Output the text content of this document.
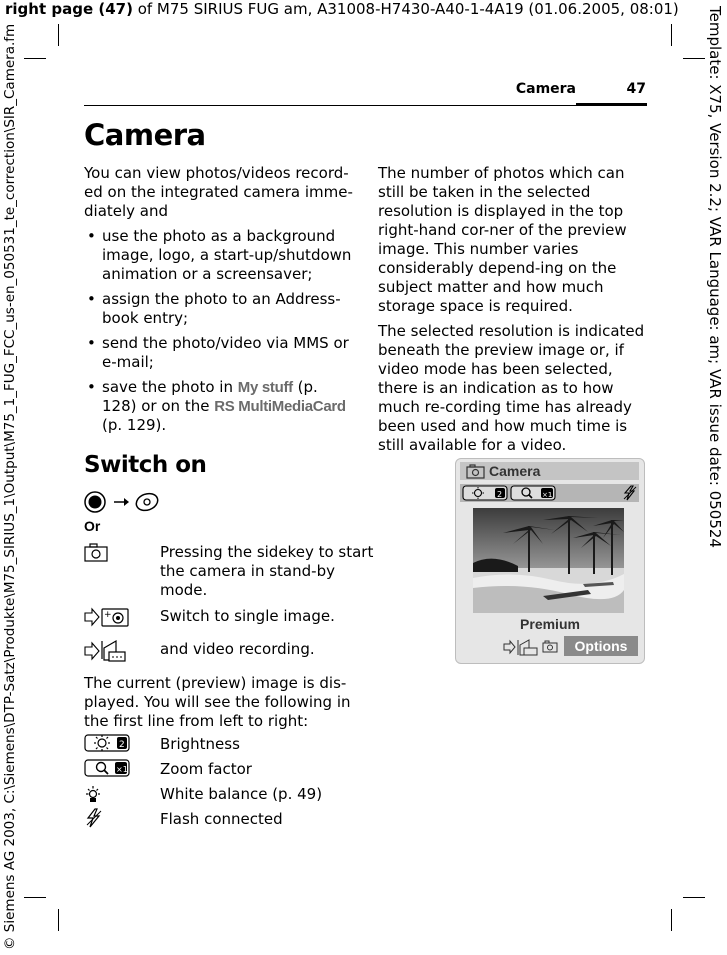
right page (47) of M75 SIRIUS FUG am, A31008-H7430-A40-1-4A19 (01.06.2005, 08:01)
© Siemens AG 2003, C:\Siemens\DTP-Satz\Produkte\M75_SIRIUS_1\Output\M75_1_FUG_FCC_us-en_050531_te_correction\SIR_Camera.fm	Template: X75, Version 2.2; VAR Language: am; VAR issue date: 050524
Camera	47
Camera
You can view photos/videos record-ed on the integrated camera imme-diately and
• use the photo as a background image, logo, a start-up/shutdown animation or a screensaver;
• assign the photo to an Address-book entry;
• send the photo/video via MMS or e-mail;
• save the photo in My stuff (p. 128) or on the RS MultiMediaCard
(p. 129).
The number of photos which can still be taken in the selected resolution is displayed in the top right-hand cor-ner of the preview image. This number varies considerably depend-ing on the subject matter and how much storage space is required.
The selected resolution is indicated beneath the preview image or, if video mode has been selected, there is an indication as to how much re-cording time has already been used and how much time is still available for a video.
Switch on
Or
Pressing the sidekey to start the camera in stand-by mode.
+	Switch to single image.
and video recording.
The current (preview) image is dis-played. You will see the following in the first line from left to right:
2 Brightness
×1 Zoom factor
White balance (p. 49)
Flash connected
Camera
2	×1
Premium
Options
